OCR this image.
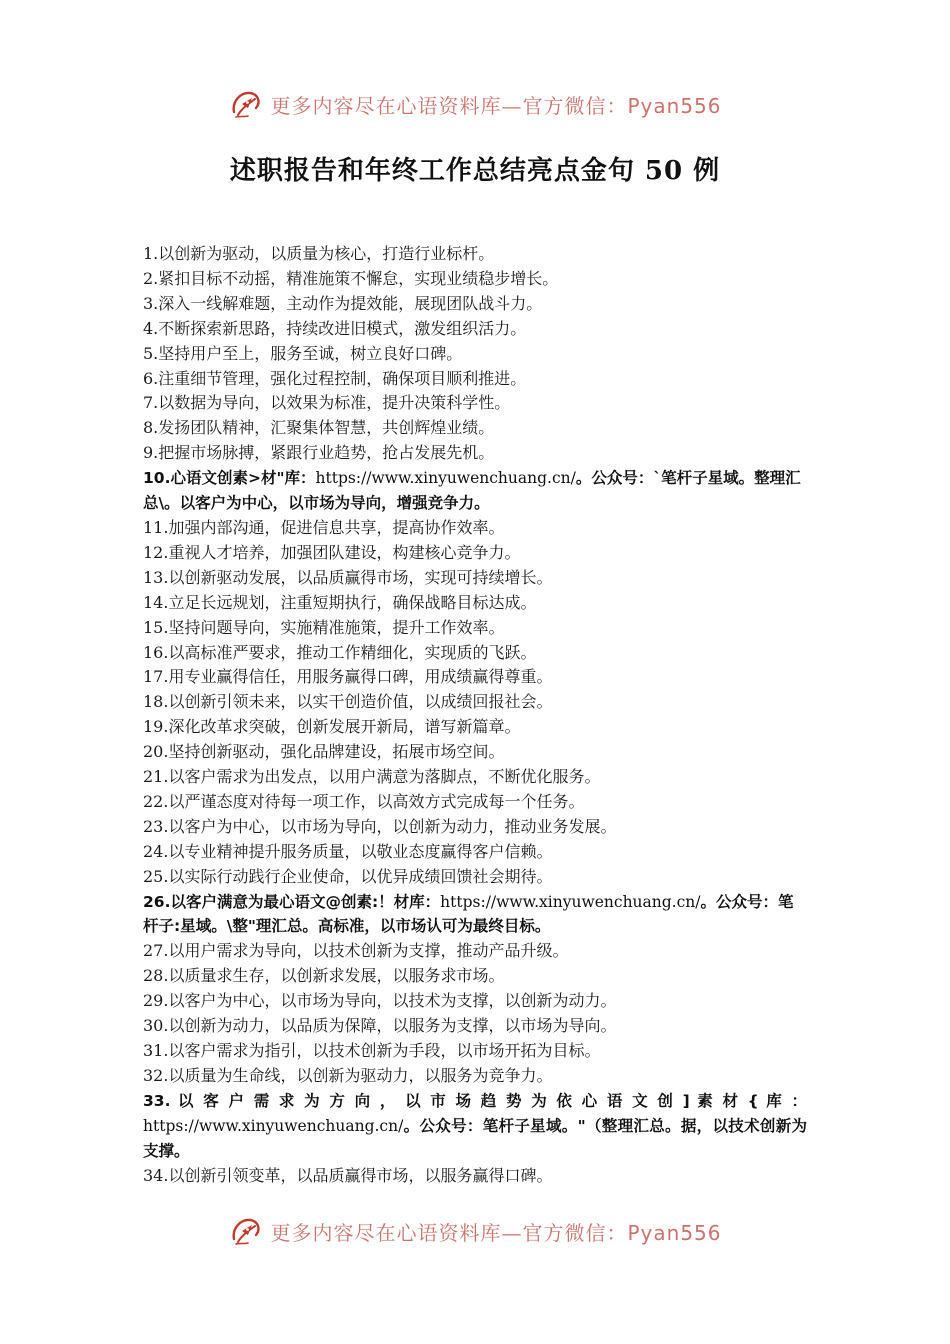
更多内容尽在心语资料库—官方微信：Pyan556
述职报告和年终工作总结亮点金句 50 例
1.以创新为驱动，以质量为核心，打造行业标杆。
2.紧扣目标不动摇，精准施策不懈怠，实现业绩稳步增长。
3.深入一线解难题，主动作为提效能，展现团队战斗力。
4.不断探索新思路，持续改进旧模式，激发组织活力。
5.坚持用户至上，服务至诚，树立良好口碑。
6.注重细节管理，强化过程控制，确保项目顺利推进。
7.以数据为导向，以效果为标准，提升决策科学性。
8.发扬团队精神，汇聚集体智慧，共创辉煌业绩。
9.把握市场脉搏，紧跟行业趋势，抢占发展先机。
10.心语文创素>材"库：https://www.xinyuwenchuang.cn/。公众号：`笔杆子星域。整理汇总\。以客户为中心，以市场为导向，增强竞争力。
11.加强内部沟通，促进信息共享，提高协作效率。
12.重视人才培养，加强团队建设，构建核心竞争力。
13.以创新驱动发展，以品质赢得市场，实现可持续增长。
14.立足长远规划，注重短期执行，确保战略目标达成。
15.坚持问题导向，实施精准施策，提升工作效率。
16.以高标准严要求，推动工作精细化，实现质的飞跃。
17.用专业赢得信任，用服务赢得口碑，用成绩赢得尊重。
18.以创新引领未来，以实干创造价值，以成绩回报社会。
19.深化改革求突破，创新发展开新局，谱写新篇章。
20.坚持创新驱动，强化品牌建设，拓展市场空间。
21.以客户需求为出发点，以用户满意为落脚点，不断优化服务。
22.以严谨态度对待每一项工作，以高效方式完成每一个任务。
23.以客户为中心，以市场为导向，以创新为动力，推动业务发展。
24.以专业精神提升服务质量，以敬业态度赢得客户信赖。
25.以实际行动践行企业使命，以优异成绩回馈社会期待。
26.以客户满意为最心语文@创素:！材库：https://www.xinyuwenchuang.cn/。公众号：笔杆子:星域。\整"理汇总。高标准，以市场认可为最终目标。
27.以用户需求为导向，以技术创新为支撑，推动产品升级。
28.以质量求生存，以创新求发展，以服务求市场。
29.以客户为中心，以市场为导向，以技术为支撑，以创新为动力。
30.以创新为动力，以品质为保障，以服务为支撑，以市场为导向。
31.以客户需求为指引，以技术创新为手段，以市场开拓为目标。
32.以质量为生命线，以创新为驱动力，以服务为竞争力。
33. 以 客 户 需 求 为 方 向 ， 以 市 场 趋 势 为 依 心 语 文 创 ] 素 材 { 库 ： https://www.xinyuwenchuang.cn/。公众号：笔杆子星域。"（整理汇总。据，以技术创新为支撑。
34.以创新引领变革，以品质赢得市场，以服务赢得口碑。
更多内容尽在心语资料库—官方微信：Pyan556
